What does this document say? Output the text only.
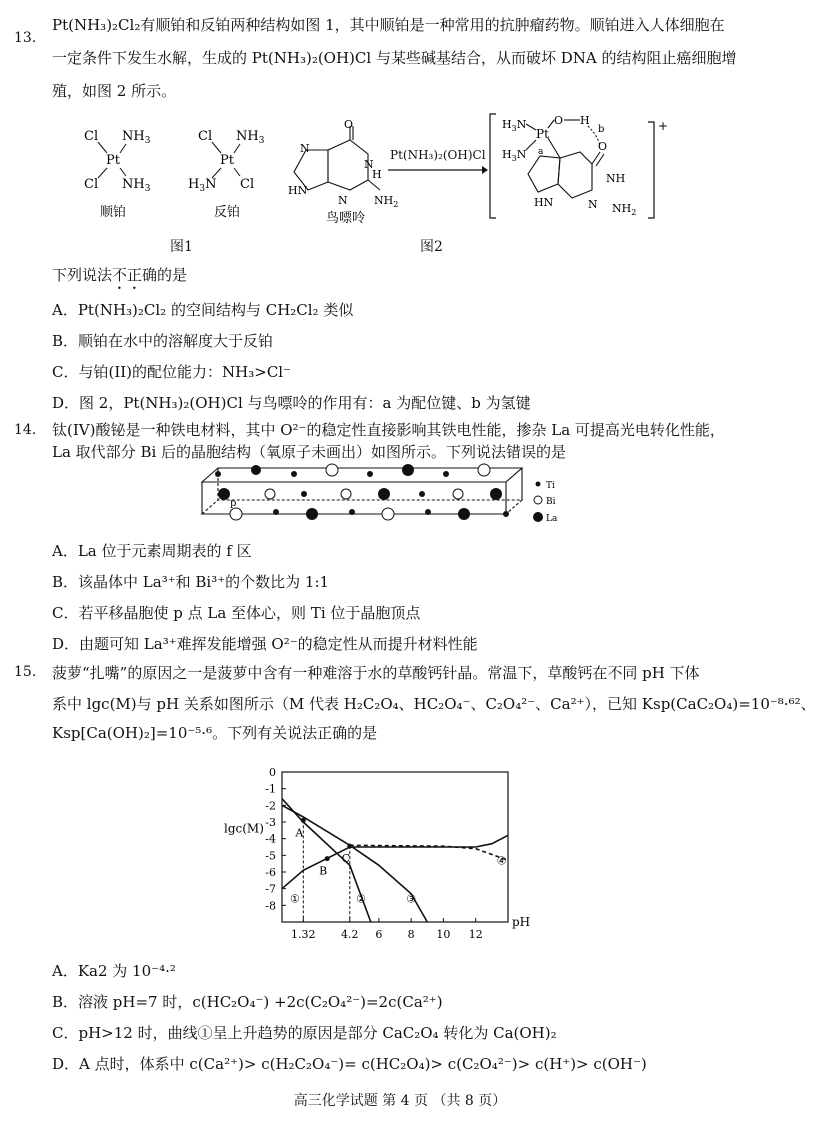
13.
Pt(NH₃)₂Cl₂有顺铂和反铂两种结构如图 1，其中顺铂是一种常用的抗肿瘤药物。顺铂进入人体细胞在
一定条件下发生水解，生成的 Pt(NH₃)₂(OH)Cl 与某些碱基结合，从而破坏 DNA 的结构阻止癌细胞增
殖，如图 2 所示。
Cl $NH_3$
Pt
Cl $NH_3$
Cl $NH_3$
Pt
$H_3N$ Cl
顺铂	反铂
O
N
H
N $NH_2$
HN
N
鸟嘌呤
Pt(NH₃)₂(OH)Cl
+
$H_3N$
Pt
$H_3N$
O H
b
a	O
NH
N $NH_2$
HN
图1	图2
下列说法不正确的是
A．Pt(NH₃)₂Cl₂ 的空间结构与 CH₂Cl₂ 类似
B．顺铂在水中的溶解度大于反铂
C．与铂(II)的配位能力：NH₃>Cl⁻
D．图 2，Pt(NH₃)₂(OH)Cl 与鸟嘌呤的作用有：a 为配位键、b 为氢键
14. 钛(IV)酸铋是一种铁电材料，其中 O²⁻的稳定性直接影响其铁电性能，掺杂 La 可提高光电转化性能，
La 取代部分 Bi 后的晶胞结构（氧原子未画出）如图所示。下列说法错误的是
p
Ti
Bi
La
A．La 位于元素周期表的 f 区
B．该晶体中 La³⁺和 Bi³⁺的个数比为 1:1
C．若平移晶胞使 p 点 La 至体心，则 Ti 位于晶胞顶点
D．由题可知 La³⁺难挥发能增强 O²⁻的稳定性从而提升材料性能
15. 菠萝“扎嘴”的原因之一是菠萝中含有一种难溶于水的草酸钙针晶。常温下，草酸钙在不同 pH 下体
系中 lgc(M)与 pH 关系如图所示（M 代表 H₂C₂O₄、HC₂O₄⁻、C₂O₄²⁻、Ca²⁺），已知 Ksp(CaC₂O₄)=10⁻⁸·⁶²、
Ksp[Ca(OH)₂]=10⁻⁵·⁶。下列有关说法正确的是
0
-1
-2
-3
-4
-5
-6
-7
-8
1.32 4.2 6 8 10 12
lgc(M)
pH
A
B
C
①	②	③
④
A．Ka2 为 10⁻⁴·²
B．溶液 pH=7 时，c(HC₂O₄⁻) +2c(C₂O₄²⁻)=2c(Ca²⁺)
C．pH>12 时，曲线①呈上升趋势的原因是部分 CaC₂O₄ 转化为 Ca(OH)₂
D．A 点时，体系中 c(Ca²⁺)> c(H₂C₂O₄⁻)= c(HC₂O₄)> c(C₂O₄²⁻)> c(H⁺)> c(OH⁻)
高三化学试题 第 4 页 （共 8 页）
